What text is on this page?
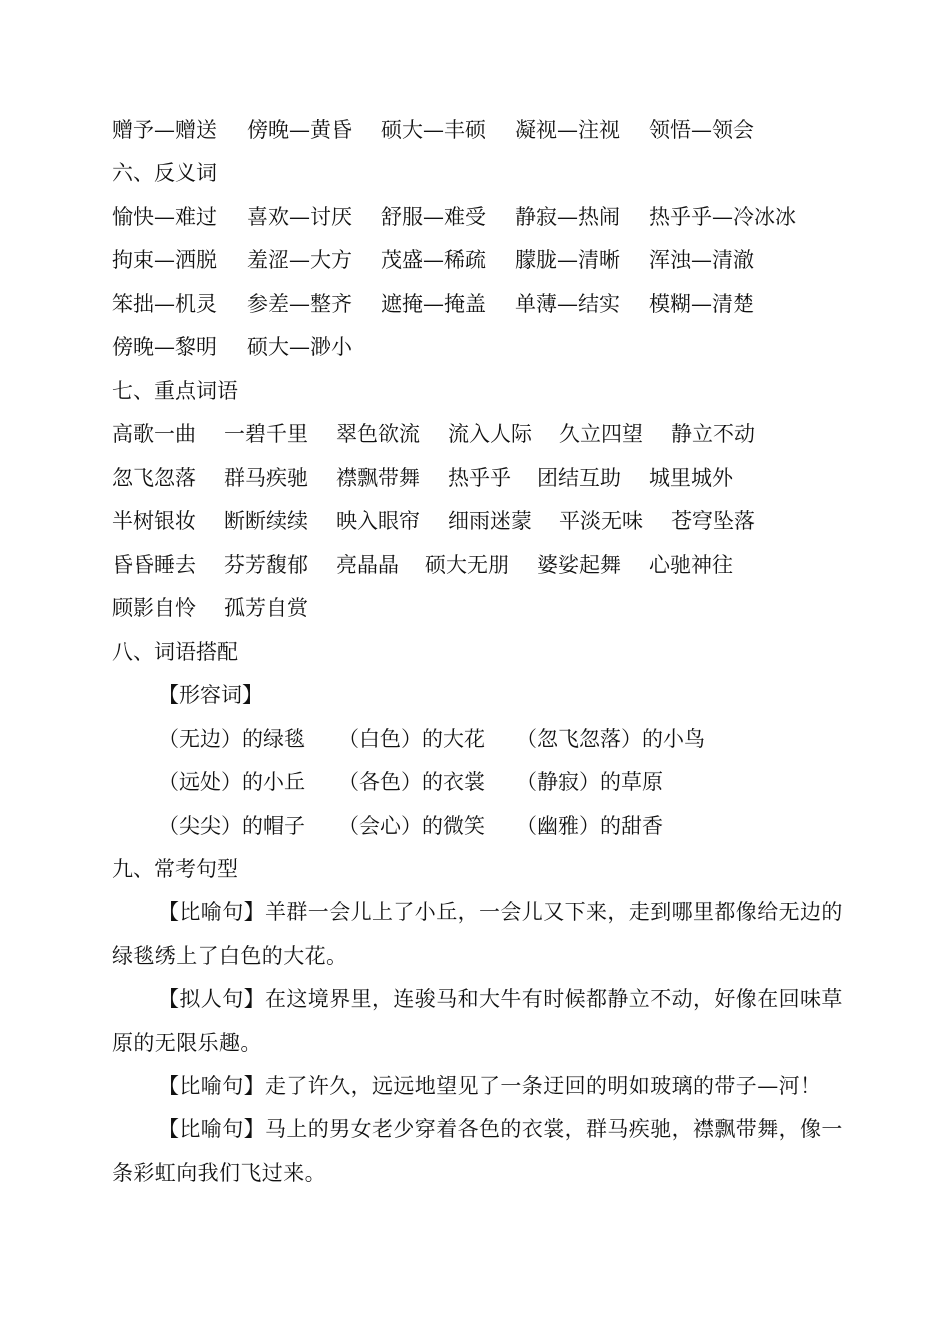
赠予—赠送 傍晚—黄昏 硕大—丰硕 凝视—注视 领悟—领会
六、反义词
愉快—难过 喜欢—讨厌 舒服—难受 静寂—热闹 热乎乎—冷冰冰
拘束—洒脱 羞涩—大方 茂盛—稀疏 朦胧—清晰 浑浊—清澈
笨拙—机灵 参差—整齐 遮掩—掩盖 单薄—结实 模糊—清楚
傍晚—黎明 硕大—渺小
七、重点词语
高歌一曲 一碧千里 翠色欲流 流入人际 久立四望 静立不动
忽飞忽落 群马疾驰 襟飘带舞 热乎乎 团结互助 城里城外
半树银妆 断断续续 映入眼帘 细雨迷蒙 平淡无味 苍穹坠落
昏昏睡去 芬芳馥郁 亮晶晶 硕大无朋 婆娑起舞 心驰神往
顾影自怜 孤芳自赏
八、词语搭配
【形容词】
（无边）的绿毯 （白色）的大花 （忽飞忽落）的小鸟
（远处）的小丘 （各色）的衣裳 （静寂）的草原
（尖尖）的帽子 （会心）的微笑 （幽雅）的甜香
九、常考句型
【比喻句】羊群一会儿上了小丘，一会儿又下来，走到哪里都像给无边的绿毯绣上了白色的大花。
【拟人句】在这境界里，连骏马和大牛有时候都静立不动，好像在回味草原的无限乐趣。
【比喻句】走了许久，远远地望见了一条迂回的明如玻璃的带子—河！
【比喻句】马上的男女老少穿着各色的衣裳，群马疾驰，襟飘带舞，像一条彩虹向我们飞过来。
